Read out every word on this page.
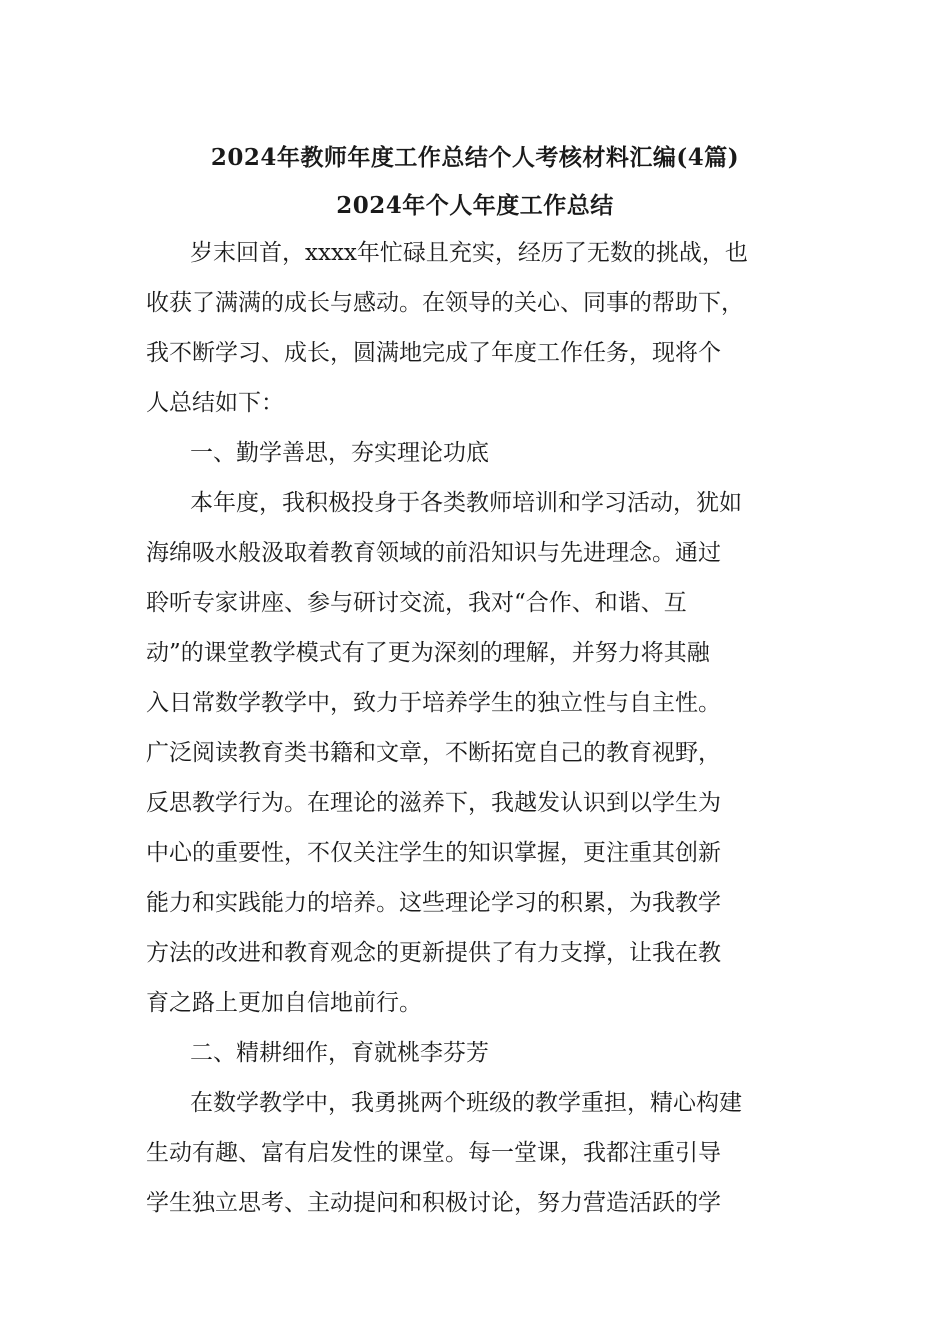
2024年教师年度工作总结个人考核材料汇编(4篇)
2024年个人年度工作总结
岁末回首，xxxx年忙碌且充实，经历了无数的挑战，也
收获了满满的成长与感动。在领导的关心、同事的帮助下，
我不断学习、成长，圆满地完成了年度工作任务，现将个
人总结如下：
一、勤学善思，夯实理论功底
本年度，我积极投身于各类教师培训和学习活动，犹如
海绵吸水般汲取着教育领域的前沿知识与先进理念。通过
聆听专家讲座、参与研讨交流，我对“合作、和谐、互
动”的课堂教学模式有了更为深刻的理解，并努力将其融
入日常数学教学中，致力于培养学生的独立性与自主性。
广泛阅读教育类书籍和文章，不断拓宽自己的教育视野，
反思教学行为。在理论的滋养下，我越发认识到以学生为
中心的重要性，不仅关注学生的知识掌握，更注重其创新
能力和实践能力的培养。这些理论学习的积累，为我教学
方法的改进和教育观念的更新提供了有力支撑，让我在教
育之路上更加自信地前行。
二、精耕细作，育就桃李芬芳
在数学教学中，我勇挑两个班级的教学重担，精心构建
生动有趣、富有启发性的课堂。每一堂课，我都注重引导
学生独立思考、主动提问和积极讨论，努力营造活跃的学
